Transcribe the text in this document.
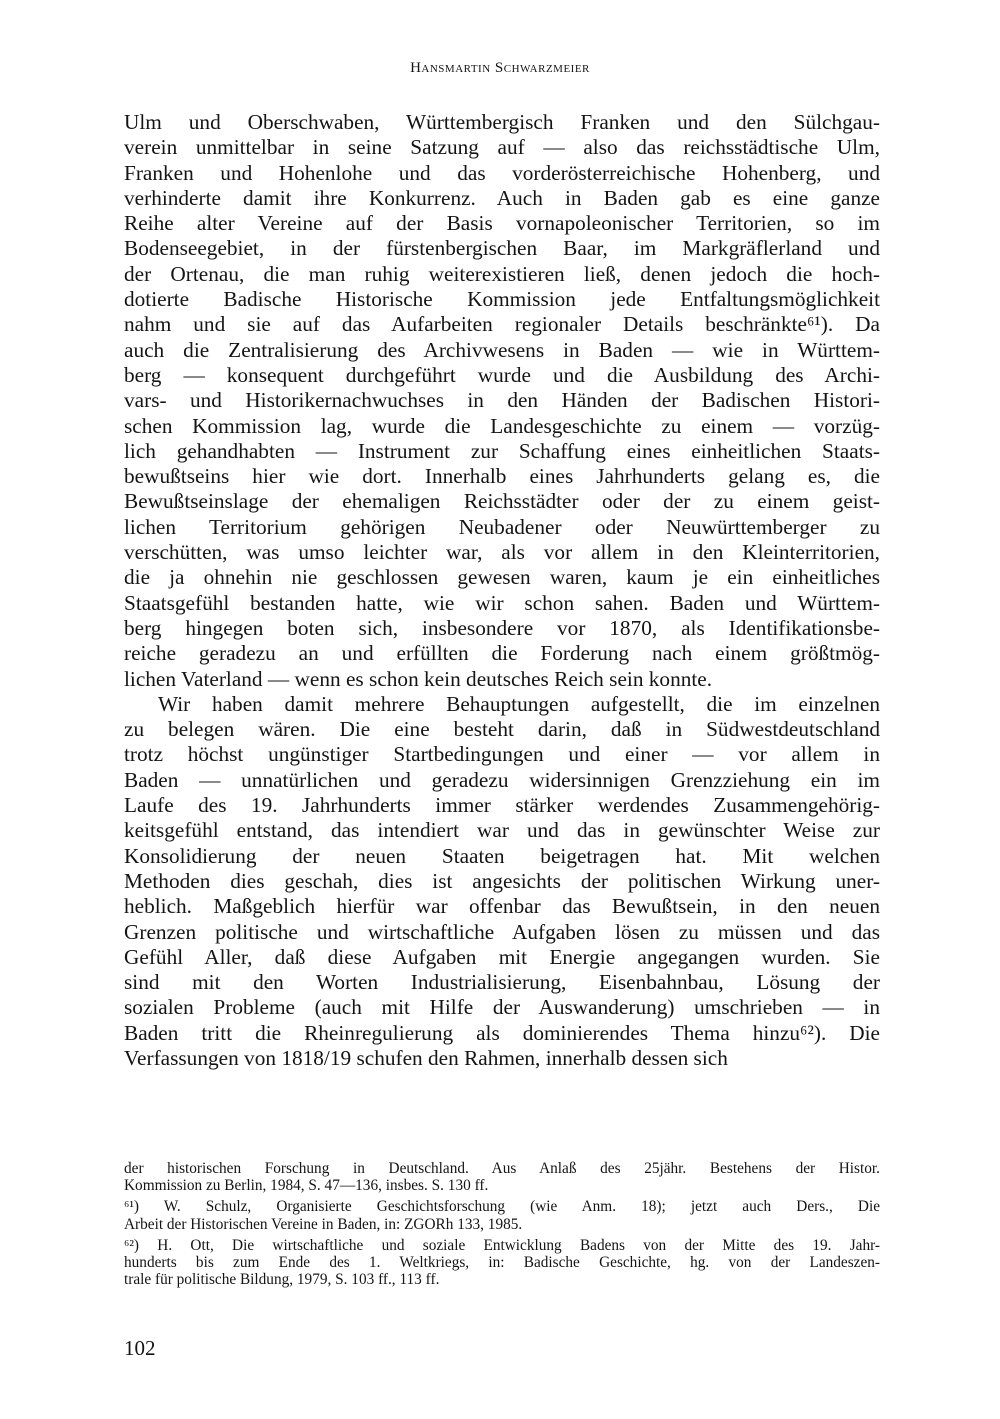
Hansmartin Schwarzmeier
Ulm und Oberschwaben, Württembergisch Franken und den Sülchgau-
verein unmittelbar in seine Satzung auf — also das reichsstädtische Ulm,
Franken und Hohenlohe und das vorderösterreichische Hohenberg, und
verhinderte damit ihre Konkurrenz. Auch in Baden gab es eine ganze
Reihe alter Vereine auf der Basis vornapoleonischer Territorien, so im
Bodenseegebiet, in der fürstenbergischen Baar, im Markgräflerland und
der Ortenau, die man ruhig weiterexistieren ließ, denen jedoch die hoch-
dotierte Badische Historische Kommission jede Entfaltungsmöglichkeit
nahm und sie auf das Aufarbeiten regionaler Details beschränkte⁶¹). Da
auch die Zentralisierung des Archivwesens in Baden — wie in Württem-
berg — konsequent durchgeführt wurde und die Ausbildung des Archi-
vars- und Historikernachwuchses in den Händen der Badischen Histori-
schen Kommission lag, wurde die Landesgeschichte zu einem — vorzüg-
lich gehandhabten — Instrument zur Schaffung eines einheitlichen Staats-
bewußtseins hier wie dort. Innerhalb eines Jahrhunderts gelang es, die
Bewußtseinslage der ehemaligen Reichsstädter oder der zu einem geist-
lichen Territorium gehörigen Neubadener oder Neuwürttemberger zu
verschütten, was umso leichter war, als vor allem in den Kleinterritorien,
die ja ohnehin nie geschlossen gewesen waren, kaum je ein einheitliches
Staatsgefühl bestanden hatte, wie wir schon sahen. Baden und Württem-
berg hingegen boten sich, insbesondere vor 1870, als Identifikationsbe-
reiche geradezu an und erfüllten die Forderung nach einem größtmög-
lichen Vaterland — wenn es schon kein deutsches Reich sein konnte.
Wir haben damit mehrere Behauptungen aufgestellt, die im einzelnen
zu belegen wären. Die eine besteht darin, daß in Südwestdeutschland
trotz höchst ungünstiger Startbedingungen und einer — vor allem in
Baden — unnatürlichen und geradezu widersinnigen Grenzziehung ein im
Laufe des 19. Jahrhunderts immer stärker werdendes Zusammengehörig-
keitsgefühl entstand, das intendiert war und das in gewünschter Weise zur
Konsolidierung der neuen Staaten beigetragen hat. Mit welchen
Methoden dies geschah, dies ist angesichts der politischen Wirkung uner-
heblich. Maßgeblich hierfür war offenbar das Bewußtsein, in den neuen
Grenzen politische und wirtschaftliche Aufgaben lösen zu müssen und das
Gefühl Aller, daß diese Aufgaben mit Energie angegangen wurden. Sie
sind mit den Worten Industrialisierung, Eisenbahnbau, Lösung der
sozialen Probleme (auch mit Hilfe der Auswanderung) umschrieben — in
Baden tritt die Rheinregulierung als dominierendes Thema hinzu⁶²). Die
Verfassungen von 1818/19 schufen den Rahmen, innerhalb dessen sich
der historischen Forschung in Deutschland. Aus Anlaß des 25jähr. Bestehens der Histor.
Kommission zu Berlin, 1984, S. 47—136, insbes. S. 130 ff.
⁶¹) W. Schulz, Organisierte Geschichtsforschung (wie Anm. 18); jetzt auch Ders., Die
Arbeit der Historischen Vereine in Baden, in: ZGORh 133, 1985.
⁶²) H. Ott, Die wirtschaftliche und soziale Entwicklung Badens von der Mitte des 19. Jahr-
hunderts bis zum Ende des 1. Weltkriegs, in: Badische Geschichte, hg. von der Landeszen-
trale für politische Bildung, 1979, S. 103 ff., 113 ff.
102
